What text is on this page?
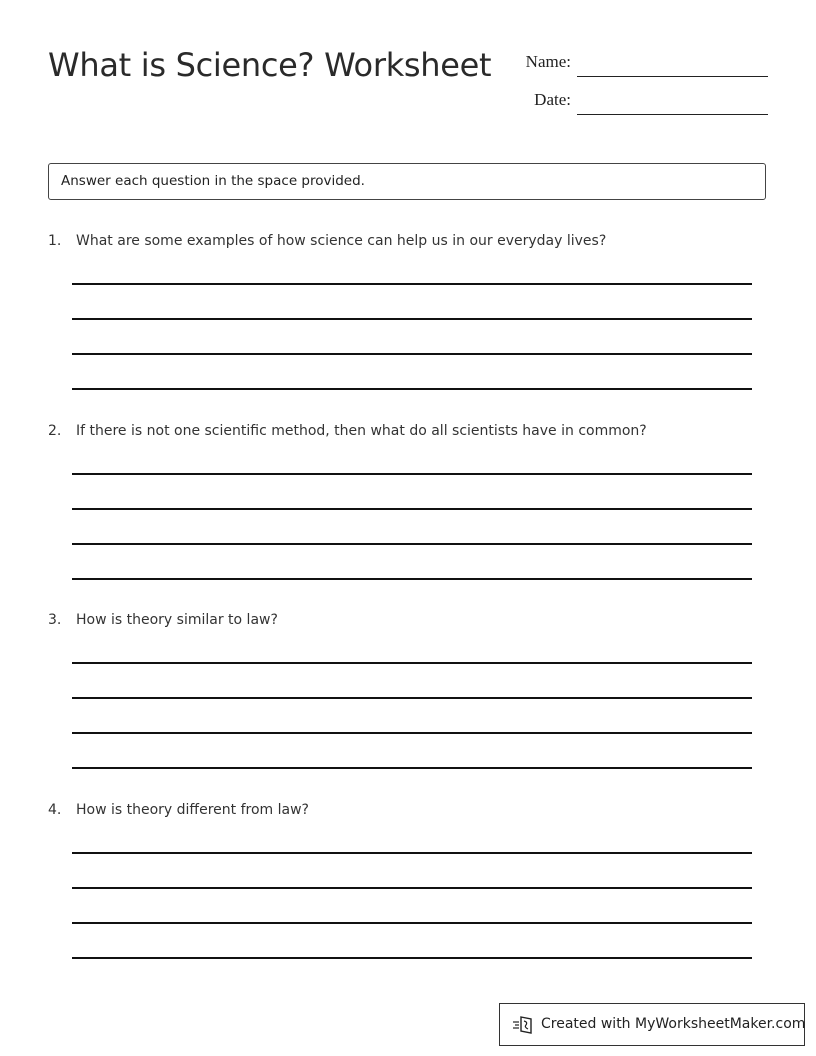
What is Science? Worksheet Name:
Date:
Answer each question in the space provided.
1. What are some examples of how science can help us in our everyday lives?
2. If there is not one scientific method, then what do all scientists have in common?
3. How is theory similar to law?
4. How is theory different from law?
Created with MyWorksheetMaker.com
